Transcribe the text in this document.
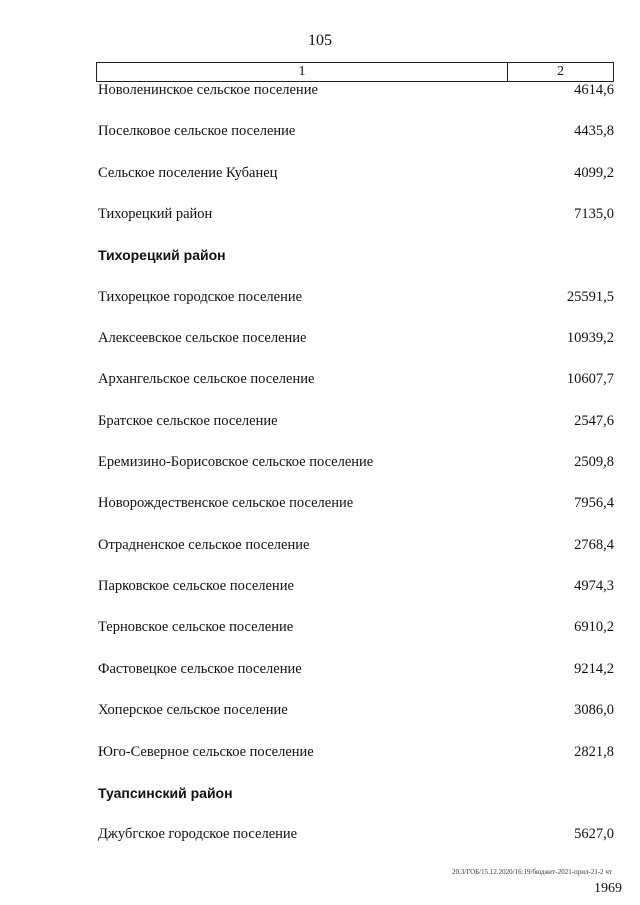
105
1	2
Новоленинское сельское поселение	4614,6
Поселковое сельское поселение	4435,8
Сельское поселение Кубанец	4099,2
Тихорецкий район	7135,0
Тихорецкий район
Тихорецкое городское поселение	25591,5
Алексеевское сельское поселение	10939,2
Архангельское сельское поселение	10607,7
Братское сельское поселение	2547,6
Еремизино-Борисовское сельское поселение	2509,8
Новорождественское сельское поселение	7956,4
Отрадненское сельское поселение	2768,4
Парковское сельское поселение	4974,3
Терновское сельское поселение	6910,2
Фастовецкое сельское поселение	9214,2
Хоперское сельское поселение	3086,0
Юго-Северное сельское поселение	2821,8
Туапсинский район
Джубгское городское поселение	5627,0
20.3/ГОБ/15.12.2020/16:19/бюджет-2021-прил-21-2 чт
1969
